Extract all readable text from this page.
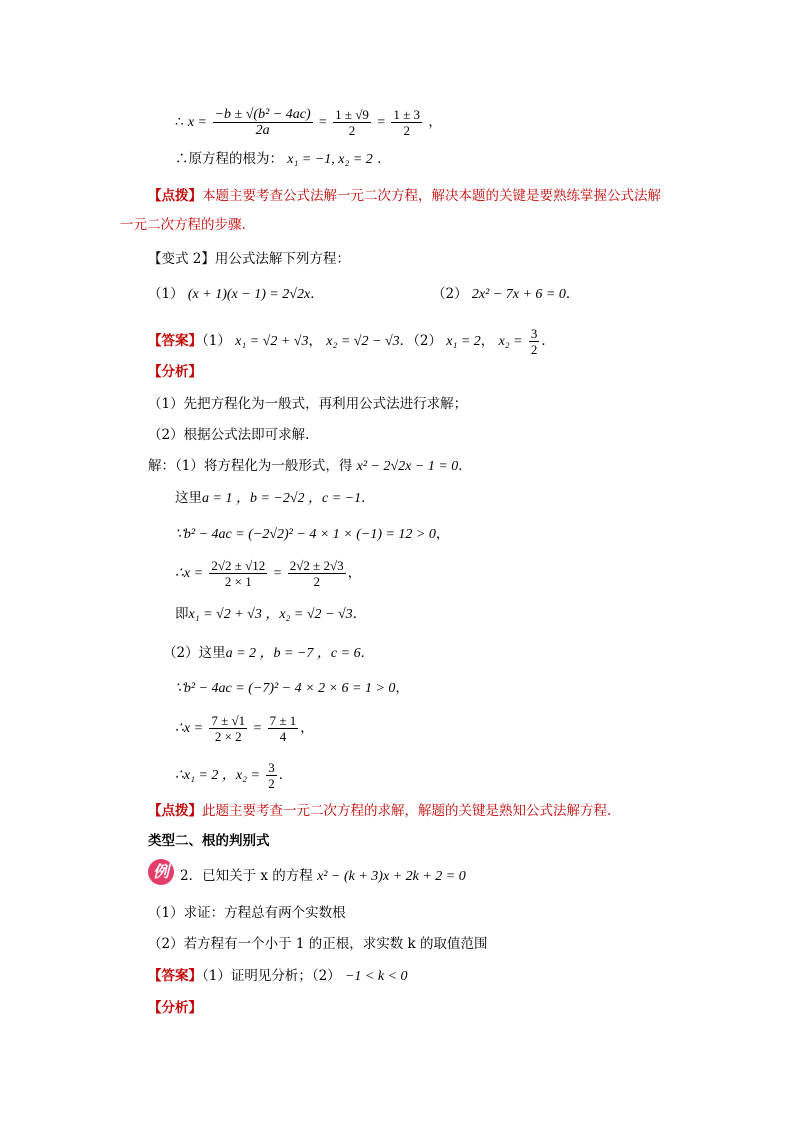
∴ $x = \frac{\text{−b ± √(b² − 4ac)}}{2a} = \frac{1 \pm √9}{2} = \frac{1 \pm 3}{2}$ ，
∴原方程的根为： x₁ = −1, x₂ = 2 ．
【点拨】本题主要考查公式法解一元二次方程，解决本题的关键是要熟练掌握公式法解
一元二次方程的步骤.
【变式 2】用公式法解下列方程：
（1） (x + 1)(x − 1) = 2√2x．	（2） 2x² − 7x + 6 = 0．
【答案】（1） x₁ = √2 + √3， x₂ = √2 − √3．（2） x₁ = 2， $x_2 = \frac{3}{2}$ ．
【分析】
（1）先把方程化为一般式，再利用公式法进行求解；
（2）根据公式法即可求解.
解：（1）将方程化为一般形式，得 x² − 2√2x − 1 = 0．
这里a = 1 ，b = −2√2 ，c = −1．
∵b² − 4ac = (−2√2)² − 4 × 1 × (−1) = 12 > 0，
∴x = $\frac{2√2 \pm √12}{2 \times 1} = \frac{2√2 \pm 2√3}{2}$ ，
即x₁ = √2 + √3 ，x₂ = √2 − √3．
（2）这里a = 2 ，b = −7 ，c = 6．
∵b² − 4ac = (−7)² − 4 × 2 × 6 = 1 > 0，
∴x = $\frac{7 \pm √1}{2 \times 2} = \frac{7 \pm 1}{4}$ ，
∴x₁ = 2 ，$x_2 = \frac{3}{2}$ ．
【点拨】此题主要考查一元二次方程的求解，解题的关键是熟知公式法解方程.
类型二、根的判别式
例 2．已知关于 x 的方程 x² − (k + 3)x + 2k + 2 = 0
（1）求证：方程总有两个实数根
（2）若方程有一个小于 1 的正根，求实数 k 的取值范围
【答案】（1）证明见分析；（2） −1 < k < 0
【分析】
